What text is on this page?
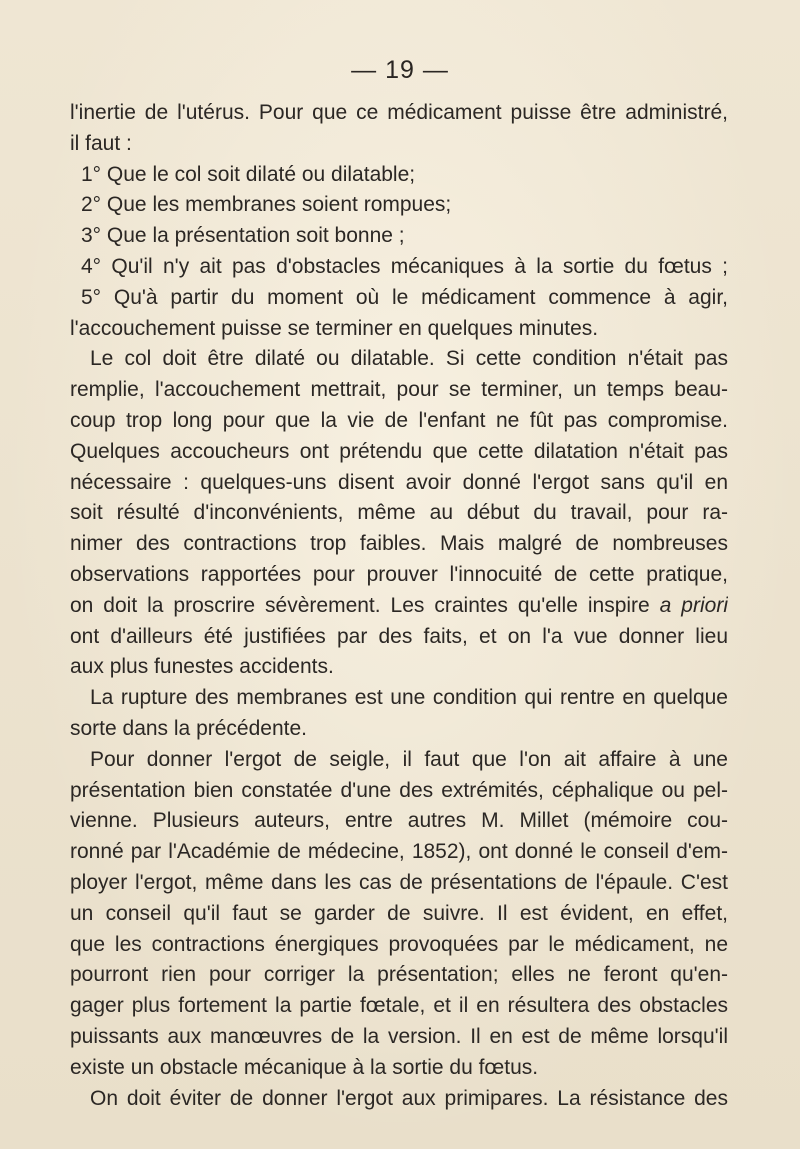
— 19 —
l'inertie de l'utérus. Pour que ce médicament puisse être administré,
il faut :
1° Que le col soit dilaté ou dilatable;
2° Que les membranes soient rompues;
3° Que la présentation soit bonne ;
4° Qu'il n'y ait pas d'obstacles mécaniques à la sortie du fœtus ;
5° Qu'à partir du moment où le médicament commence à agir,
l'accouchement puisse se terminer en quelques minutes.
Le col doit être dilaté ou dilatable. Si cette condition n'était pas
remplie, l'accouchement mettrait, pour se terminer, un temps beau-
coup trop long pour que la vie de l'enfant ne fût pas compromise.
Quelques accoucheurs ont prétendu que cette dilatation n'était pas
nécessaire : quelques-uns disent avoir donné l'ergot sans qu'il en
soit résulté d'inconvénients, même au début du travail, pour ra-
nimer des contractions trop faibles. Mais malgré de nombreuses
observations rapportées pour prouver l'innocuité de cette pratique,
on doit la proscrire sévèrement. Les craintes qu'elle inspire a priori
ont d'ailleurs été justifiées par des faits, et on l'a vue donner lieu
aux plus funestes accidents.
La rupture des membranes est une condition qui rentre en quelque
sorte dans la précédente.
Pour donner l'ergot de seigle, il faut que l'on ait affaire à une
présentation bien constatée d'une des extrémités, céphalique ou pel-
vienne. Plusieurs auteurs, entre autres M. Millet (mémoire cou-
ronné par l'Académie de médecine, 1852), ont donné le conseil d'em-
ployer l'ergot, même dans les cas de présentations de l'épaule. C'est
un conseil qu'il faut se garder de suivre. Il est évident, en effet,
que les contractions énergiques provoquées par le médicament, ne
pourront rien pour corriger la présentation; elles ne feront qu'en-
gager plus fortement la partie fœtale, et il en résultera des obstacles
puissants aux manœuvres de la version. Il en est de même lorsqu'il
existe un obstacle mécanique à la sortie du fœtus.
On doit éviter de donner l'ergot aux primipares. La résistance des
